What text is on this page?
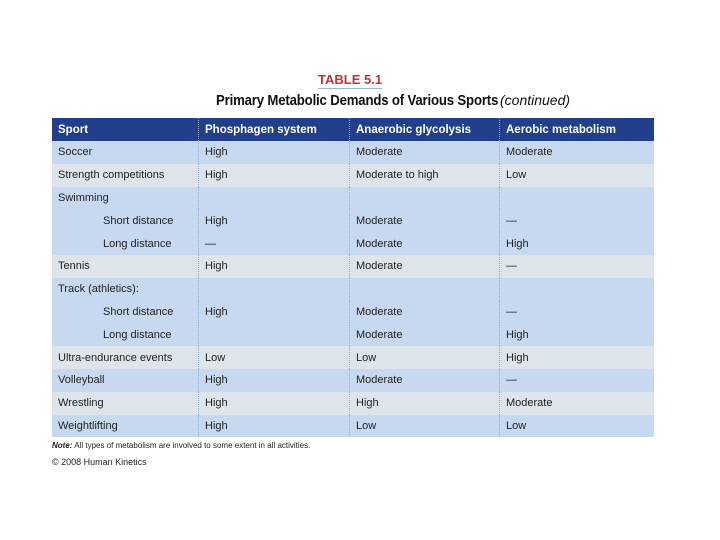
TABLE 5.1
Primary Metabolic Demands of Various Sports (continued)
Sport	Phosphagen system	Anaerobic glycolysis	Aerobic metabolism
Soccer	High	Moderate	Moderate
Strength competitions	High	Moderate to high	Low
Swimming			
Short distance	High	Moderate	—
Long distance	—	Moderate	High
Tennis	High	Moderate	—
Track (athletics):			
Short distance	High	Moderate	—
Long distance	—	Moderate	High
Ultra-endurance events	Low	Low	High
Volleyball	High	Moderate	—
Wrestling	High	High	Moderate
Weightlifting	High	Low	Low
Note: All types of metabolism are involved to some extent in all activities.
© 2008 Human Kinetics
